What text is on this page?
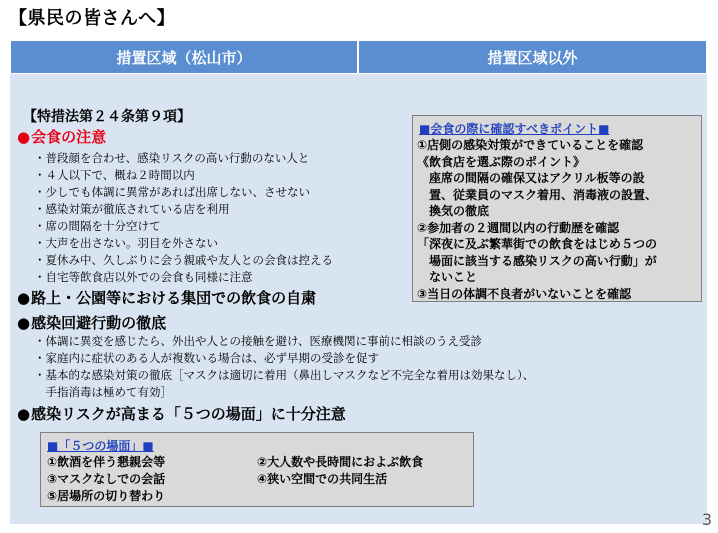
【県民の皆さんへ】
措置区域（松山市）	措置区域以外
【特措法第２４条第９項】
●会食の注意
・普段顔を合わせ、感染リスクの高い行動のない人と
・４人以下で、概ね２時間以内
・少しでも体調に異常があれば出席しない、させない
・感染対策が徹底されている店を利用
・席の間隔を十分空けて
・大声を出さない。羽目を外さない
・夏休み中、久しぶりに会う親戚や友人との会食は控える
・自宅等飲食店以外での会食も同様に注意
●路上・公園等における集団での飲食の自粛
●感染回避行動の徹底
・体調に異変を感じたら、外出や人との接触を避け、医療機関に事前に相談のうえ受診
・家庭内に症状のある人が複数いる場合は、必ず早期の受診を促す
・基本的な感染対策の徹底［マスクは適切に着用（鼻出しマスクなど不完全な着用は効果なし）、
　手指消毒は極めて有効］
●感染リスクが高まる「５つの場面」に十分注意
■会食の際に確認すべきポイント■
①店側の感染対策ができていることを確認
《飲食店を選ぶ際のポイント》
　座席の間隔の確保又はアクリル板等の設
　置、従業員のマスク着用、消毒液の設置、
　換気の徹底
②参加者の２週間以内の行動歴を確認
「深夜に及ぶ繁華街での飲食をはじめ５つの
　場面に該当する感染リスクの高い行動」が
　ないこと
③当日の体調不良者がいないことを確認
■「５つの場面」■
①飲酒を伴う懇親会等	②大人数や長時間におよぶ飲食
③マスクなしでの会話	④狭い空間での共同生活
⑤居場所の切り替わり
3
